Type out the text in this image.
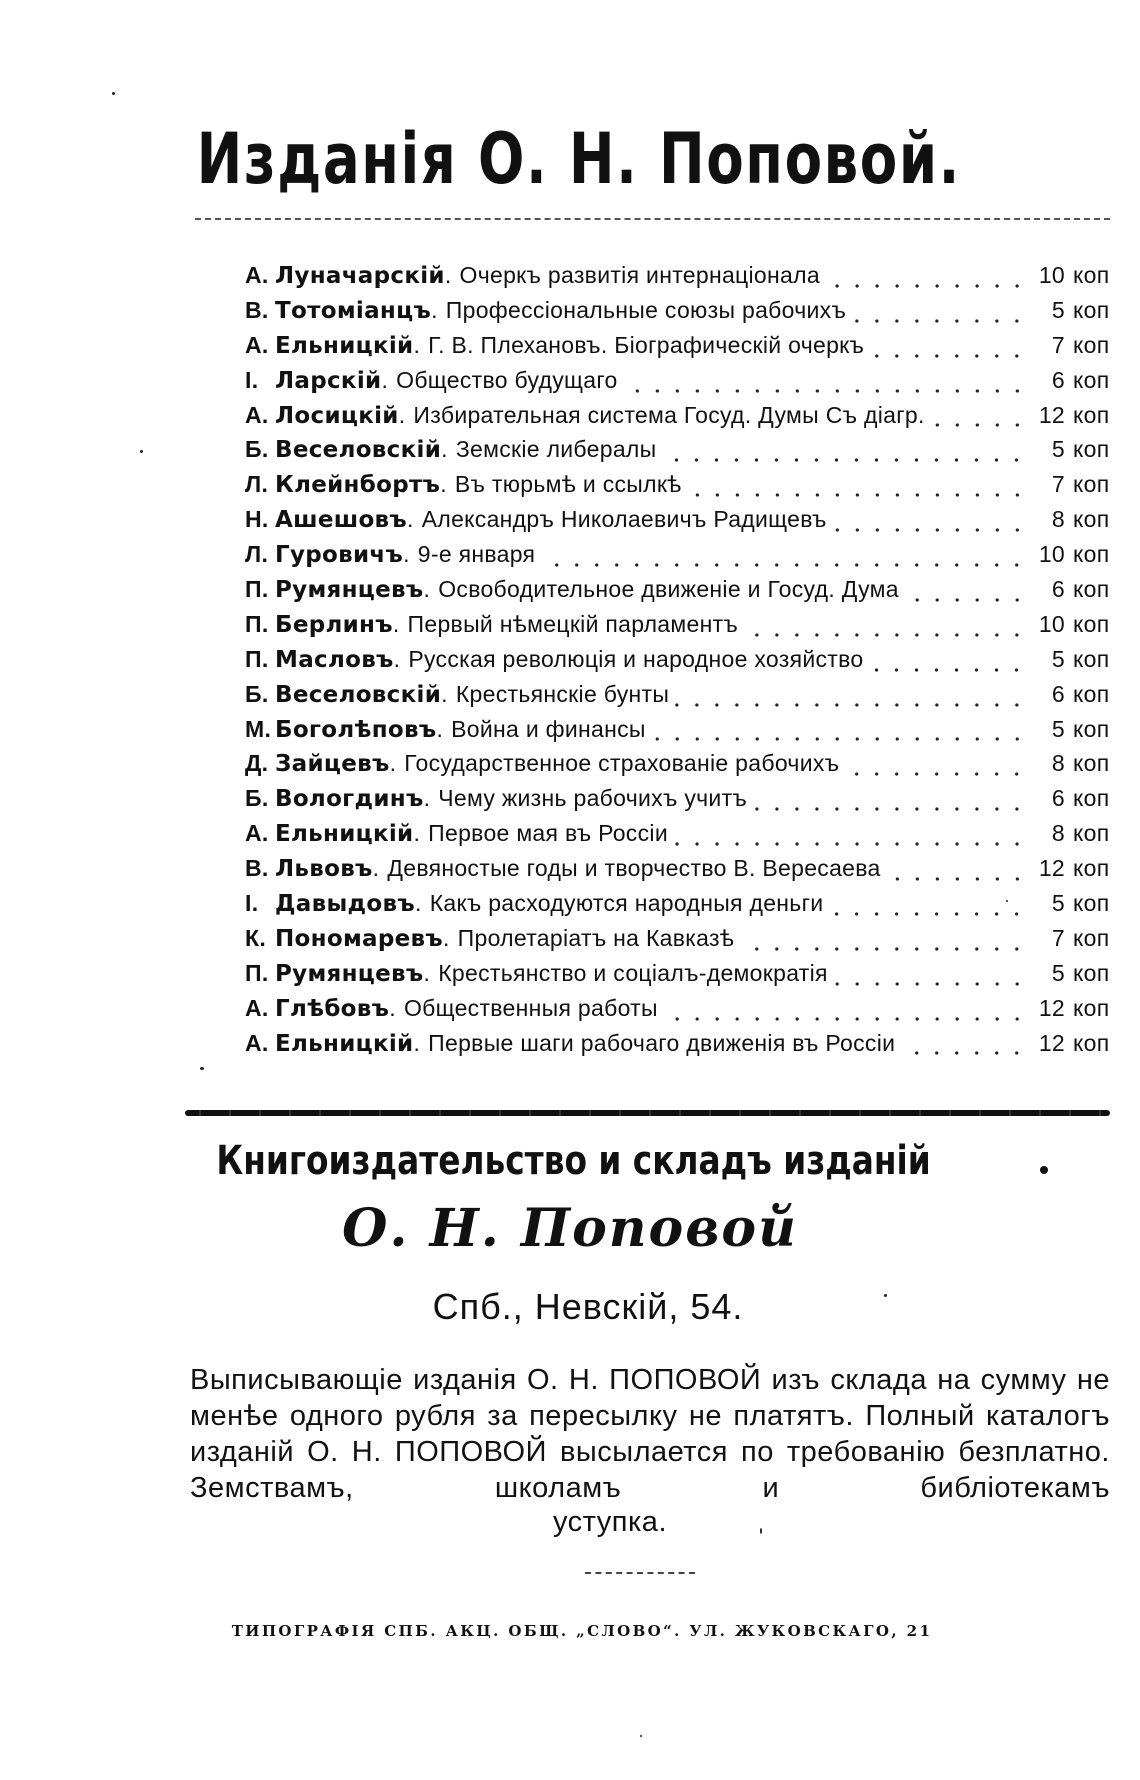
Изданія О. Н. Поповой.
А. Луначарскій . Очеркъ развитія интернаціонала	10 коп
В. Тотоміанцъ . Профессіональные союзы рабочихъ	5 коп
А. Ельницкій . Г. В. Плехановъ. Біографическій очеркъ	7 коп
І. Ларскій . Общество будущаго	6 коп
А. Лосицкій . Избирательная система Госуд. Думы Съ діагр.	12 коп
Б. Веселовскій . Земскіе либералы	5 коп
Л. Клейнбортъ . Въ тюрьмѣ и ссылкѣ	7 коп
Н. Ашешовъ . Александръ Николаевичъ Радищевъ	8 коп
Л. Гуровичъ . 9-е января	10 коп
П. Румянцевъ . Освободительное движеніе и Госуд. Дума	6 коп
П. Берлинъ . Первый нѣмецкій парламентъ	10 коп
П. Масловъ . Русская революція и народное хозяйство	5 коп
Б. Веселовскій . Крестьянскіе бунты	6 коп
М. Боголѣповъ . Война и финансы	5 коп
Д. Зайцевъ . Государственное страхованіе рабочихъ	8 коп
Б. Вологдинъ . Чему жизнь рабочихъ учитъ	6 коп
А. Ельницкій . Первое мая въ Россіи	8 коп
В. Львовъ . Девяностые годы и творчество В. Вересаева	12 коп
І. Давыдовъ . Какъ расходуются народныя деньги	5 коп
К. Пономаревъ . Пролетаріатъ на Кавказѣ	7 коп
П. Румянцевъ . Крестьянство и соціалъ-демократія	5 коп
А. Глѣбовъ . Общественныя работы	12 коп
А. Ельницкій . Первые шаги рабочаго движенія въ Россіи	12 коп
Книгоиздательство и складъ изданій
О. Н. Поповой
Спб., Невскій, 54.
Выписывающіе изданія О. Н. ПОПОВОЙ изъ склада на сумму не менѣе одного рубля за пересылку не платятъ. Полный каталогъ изданій О. Н. ПОПОВОЙ высылается по требованію безплатно. Земствамъ, школамъ и библіотекамъ
уступка.
ТИПОГРАФІЯ СПБ. АКЦ. ОБЩ. „СЛОВО“. УЛ. ЖУКОВСКАГО, 21
